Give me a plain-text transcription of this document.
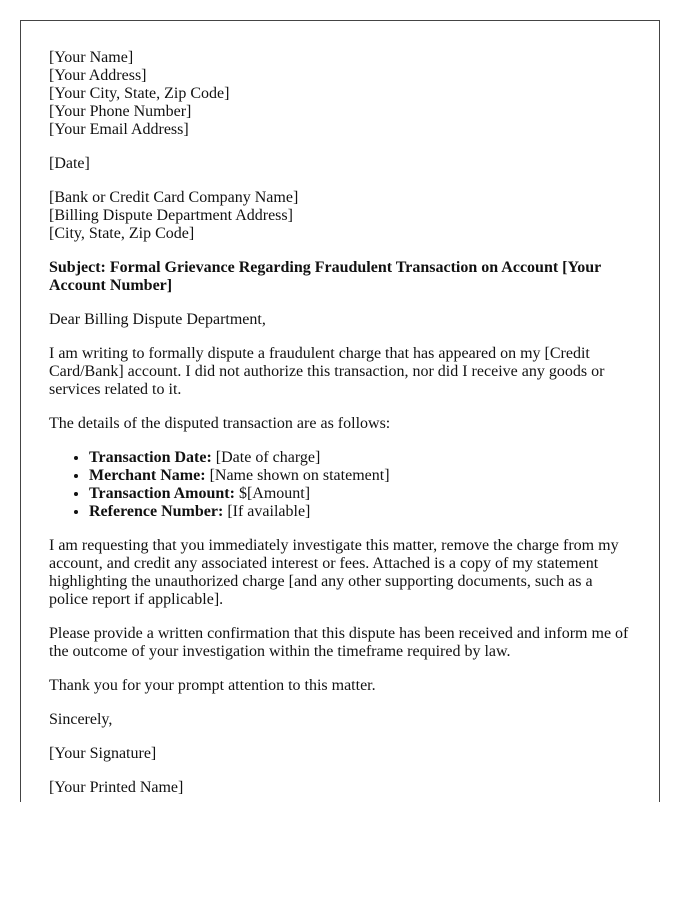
[Your Name]
[Your Address]
[Your City, State, Zip Code]
[Your Phone Number]
[Your Email Address]

[Date]

[Bank or Credit Card Company Name]
[Billing Dispute Department Address]
[City, State, Zip Code]

Subject: Formal Grievance Regarding Fraudulent Transaction on Account [Your Account Number]

Dear Billing Dispute Department,

I am writing to formally dispute a fraudulent charge that has appeared on my [Credit Card/Bank] account. I did not authorize this transaction, nor did I receive any goods or services related to it.

The details of the disputed transaction are as follows:

• Transaction Date: [Date of charge]
• Merchant Name: [Name shown on statement]
• Transaction Amount: $[Amount]
• Reference Number: [If available]

I am requesting that you immediately investigate this matter, remove the charge from my account, and credit any associated interest or fees. Attached is a copy of my statement highlighting the unauthorized charge [and any other supporting documents, such as a police report if applicable].

Please provide a written confirmation that this dispute has been received and inform me of the outcome of your investigation within the timeframe required by law.

Thank you for your prompt attention to this matter.

Sincerely,

[Your Signature]

[Your Printed Name]
